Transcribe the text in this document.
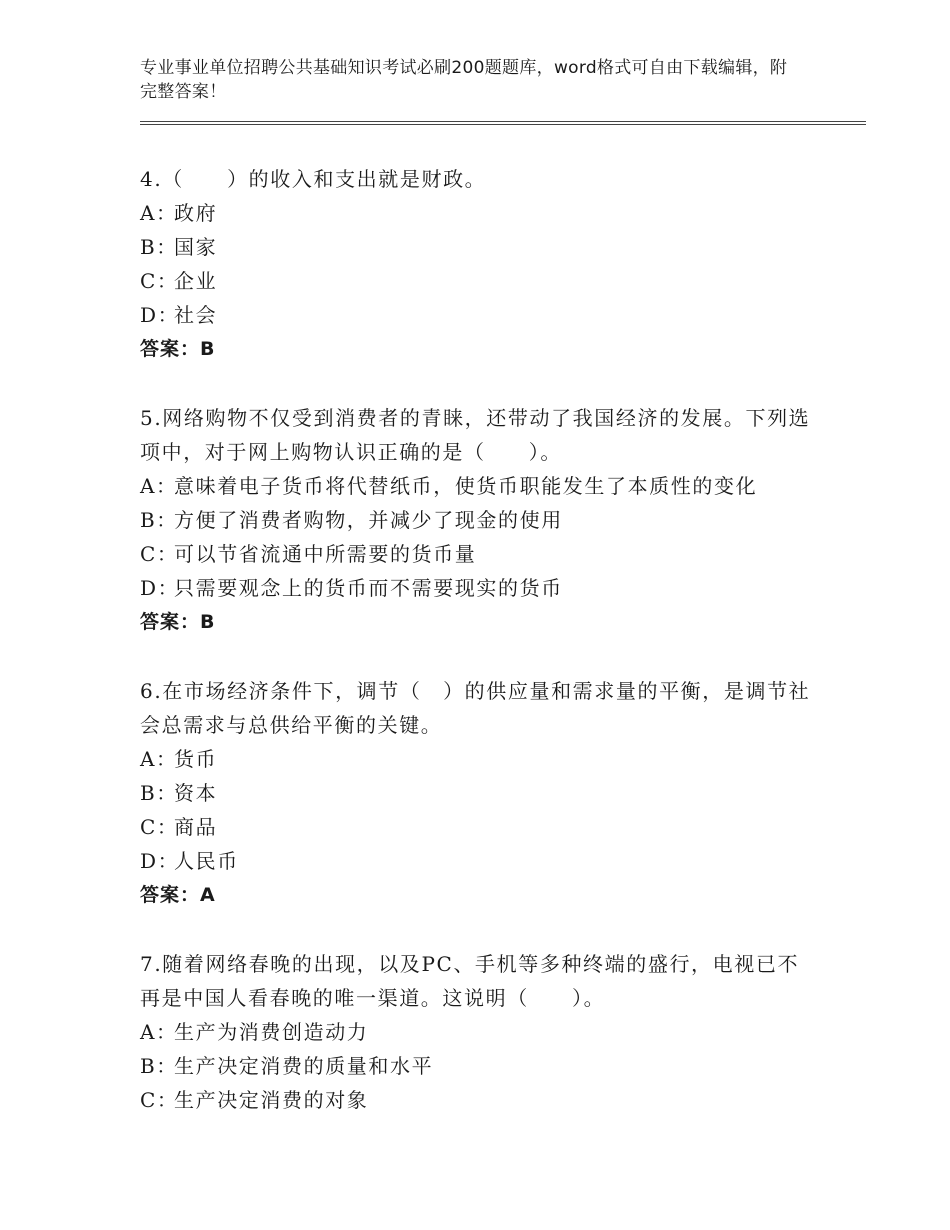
专业事业单位招聘公共基础知识考试必刷200题题库，word格式可自由下载编辑，附完整答案！

4.（　　）的收入和支出就是财政。

A：政府

B：国家

C：企业

D：社会

答案：B

5.网络购物不仅受到消费者的青睐，还带动了我国经济的发展。下列选项中，对于网上购物认识正确的是（　　）。

A：意味着电子货币将代替纸币，使货币职能发生了本质性的变化

B：方便了消费者购物，并减少了现金的使用

C：可以节省流通中所需要的货币量

D：只需要观念上的货币而不需要现实的货币

答案：B

6.在市场经济条件下，调节（　）的供应量和需求量的平衡，是调节社会总需求与总供给平衡的关键。

A：货币

B：资本

C：商品

D：人民币

答案：A

7.随着网络春晚的出现，以及PC、手机等多种终端的盛行，电视已不再是中国人看春晚的唯一渠道。这说明（　　）。

A：生产为消费创造动力

B：生产决定消费的质量和水平

C：生产决定消费的对象
